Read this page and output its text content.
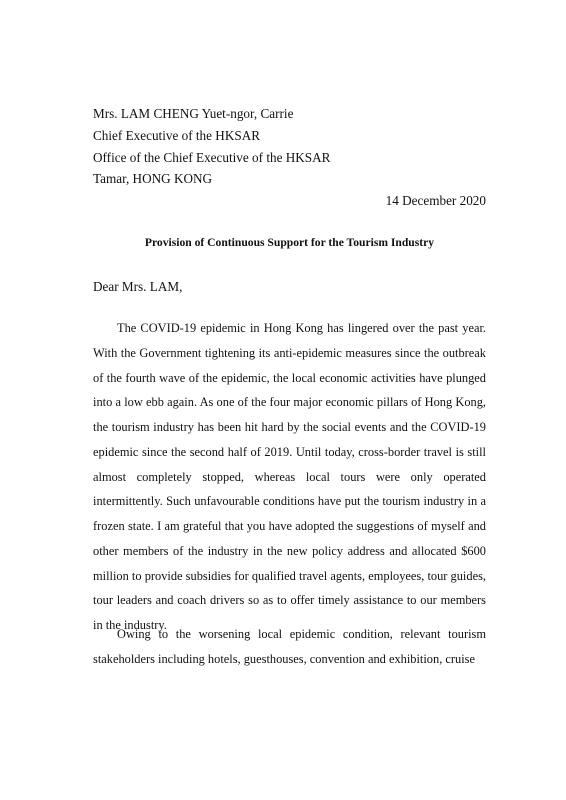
Mrs. LAM CHENG Yuet-ngor, Carrie
Chief Executive of the HKSAR
Office of the Chief Executive of the HKSAR
Tamar, HONG KONG
14 December 2020
Provision of Continuous Support for the Tourism Industry
Dear Mrs. LAM,

The COVID-19 epidemic in Hong Kong has lingered over the past year. With the Government tightening its anti-epidemic measures since the outbreak of the fourth wave of the epidemic, the local economic activities have plunged into a low ebb again. As one of the four major economic pillars of Hong Kong, the tourism industry has been hit hard by the social events and the COVID-19 epidemic since the second half of 2019. Until today, cross-border travel is still almost completely stopped, whereas local tours were only operated intermittently. Such unfavourable conditions have put the tourism industry in a frozen state. I am grateful that you have adopted the suggestions of myself and other members of the industry in the new policy address and allocated $600 million to provide subsidies for qualified travel agents, employees, tour guides, tour leaders and coach drivers so as to offer timely assistance to our members in the industry.

Owing to the worsening local epidemic condition, relevant tourism stakeholders including hotels, guesthouses, convention and exhibition, cruise
